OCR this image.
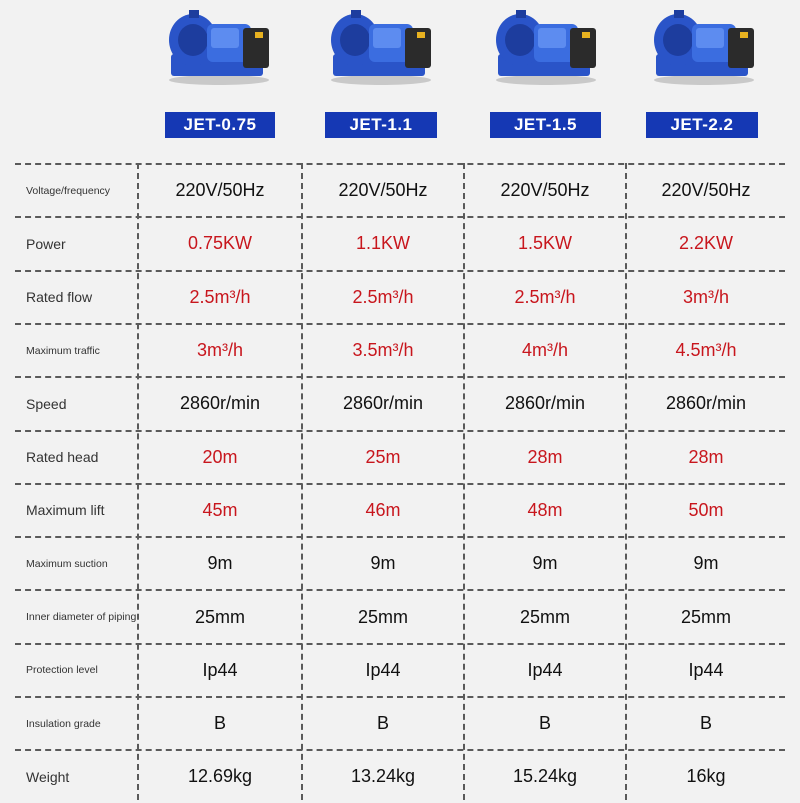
JET-0.75	JET-1.1	JET-1.5	JET-2.2
Voltage/frequency	220V/50Hz	220V/50Hz	220V/50Hz	220V/50Hz
Power	0.75KW	1.1KW	1.5KW	2.2KW
Rated flow	2.5m³/h	2.5m³/h	2.5m³/h	3m³/h
Maximum traffic	3m³/h	3.5m³/h	4m³/h	4.5m³/h
Speed	2860r/min	2860r/min	2860r/min	2860r/min
Rated head	20m	25m	28m	28m
Maximum lift	45m	46m	48m	50m
Maximum suction	9m	9m	9m	9m
Inner diameter of piping	25mm	25mm	25mm	25mm
Protection level	Ip44	Ip44	Ip44	Ip44
Insulation grade	B	B	B	B
Weight	12.69kg	13.24kg	15.24kg	16kg
